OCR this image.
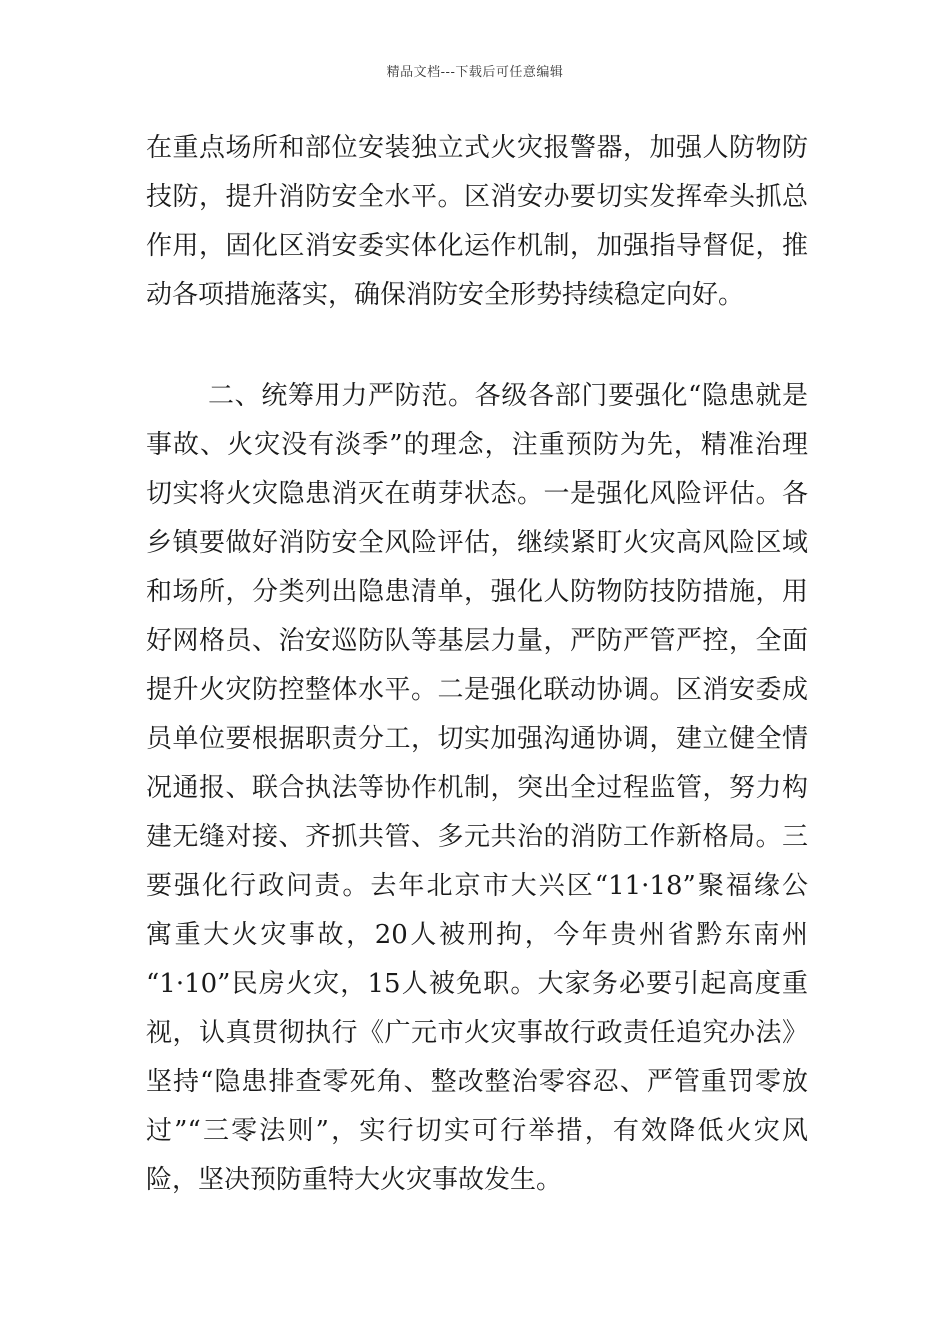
精品文档---下载后可任意编辑
在重点场所和部位安装独立式火灾报警器，加强人防物防
技防，提升消防安全水平。区消安办要切实发挥牵头抓总
作用，固化区消安委实体化运作机制，加强指导督促，推
动各项措施落实，确保消防安全形势持续稳定向好。
二、统筹用力严防范。各级各部门要强化“隐患就是
事故、火灾没有淡季”的理念，注重预防为先，精准治理
切实将火灾隐患消灭在萌芽状态。一是强化风险评估。各
乡镇要做好消防安全风险评估，继续紧盯火灾高风险区域
和场所，分类列出隐患清单，强化人防物防技防措施，用
好网格员、治安巡防队等基层力量，严防严管严控，全面
提升火灾防控整体水平。二是强化联动协调。区消安委成
员单位要根据职责分工，切实加强沟通协调，建立健全情
况通报、联合执法等协作机制，突出全过程监管，努力构
建无缝对接、齐抓共管、多元共治的消防工作新格局。三
要强化行政问责。去年北京市大兴区“11·18”聚福缘公
寓重大火灾事故，20人被刑拘，今年贵州省黔东南州
“1·10”民房火灾，15人被免职。大家务必要引起高度重
视，认真贯彻执行《广元市火灾事故行政责任追究办法》
坚持“隐患排查零死角、整改整治零容忍、严管重罚零放
过”“三零法则”，实行切实可行举措，有效降低火灾风
险，坚决预防重特大火灾事故发生。
